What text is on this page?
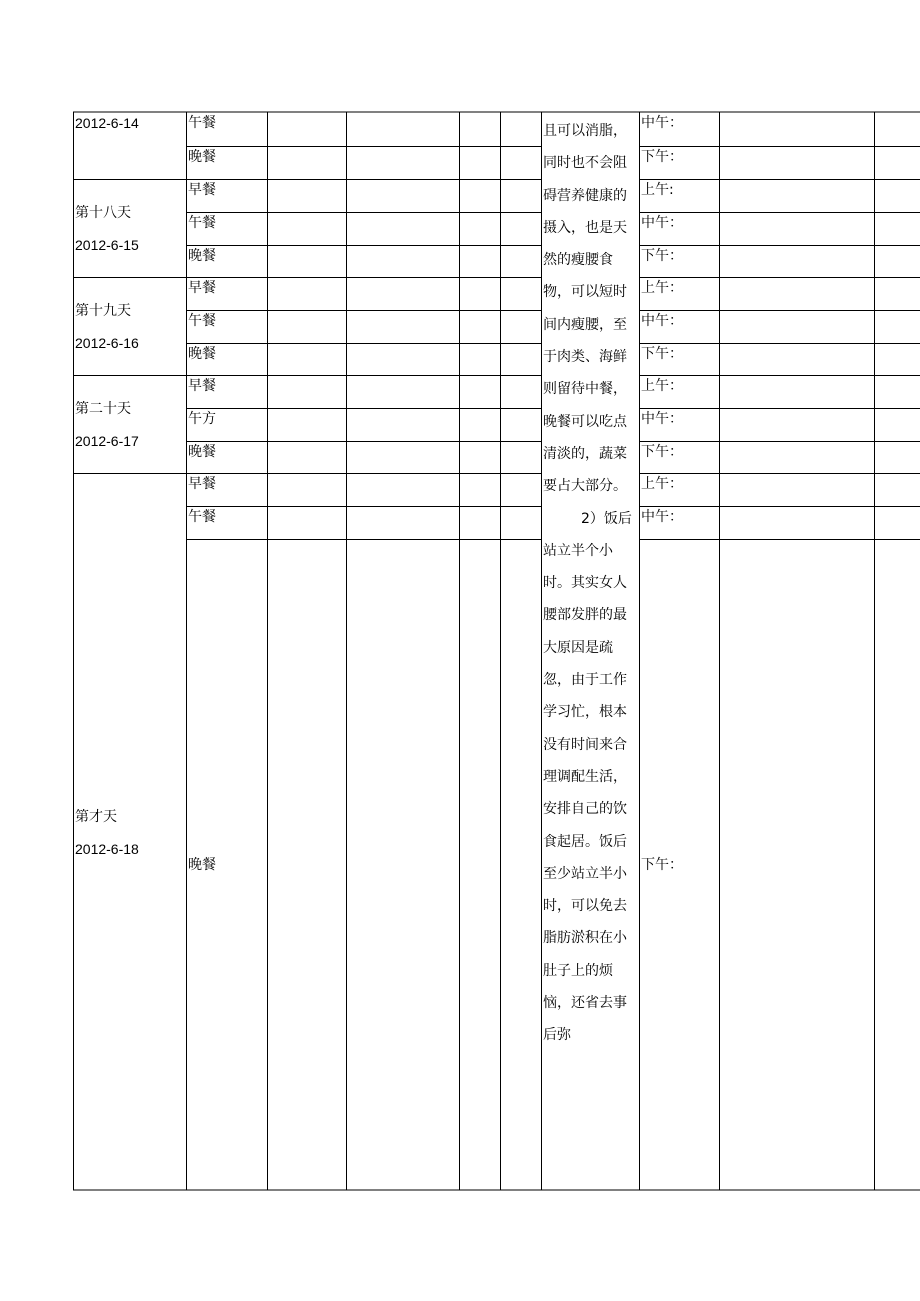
2012-6-14	午餐
晚餐
中午：
下午：
第十八天
2012-6-15
早餐
午餐
晚餐
上午:
中午：
下午：
第十九天
2012-6-16
早餐
午餐
晚餐
上午：
中午：
下午：
第二十天
2012-6-17
早餐
午方
晚餐
上午：
中午：
下午：
第才天
2012-6-18
早餐
午餐
晚餐
上午：
中午：
下午：

且可以消脂，同时也不会阻碍营养健康的摄入，也是天然的瘦腰食物，可以短时间内瘦腰，至于肉类、海鲜则留待中餐，晚餐可以吃点清淡的，蔬菜要占大部分。

2）饭后站立半个小时。其实女人腰部发胖的最大原因是疏忽，由于工作学习忙，根本没有时间来合理调配生活，安排自己的饮食起居。饭后至少站立半小时，可以免去脂肪淤积在小肚子上的烦恼，还省去事后弥
